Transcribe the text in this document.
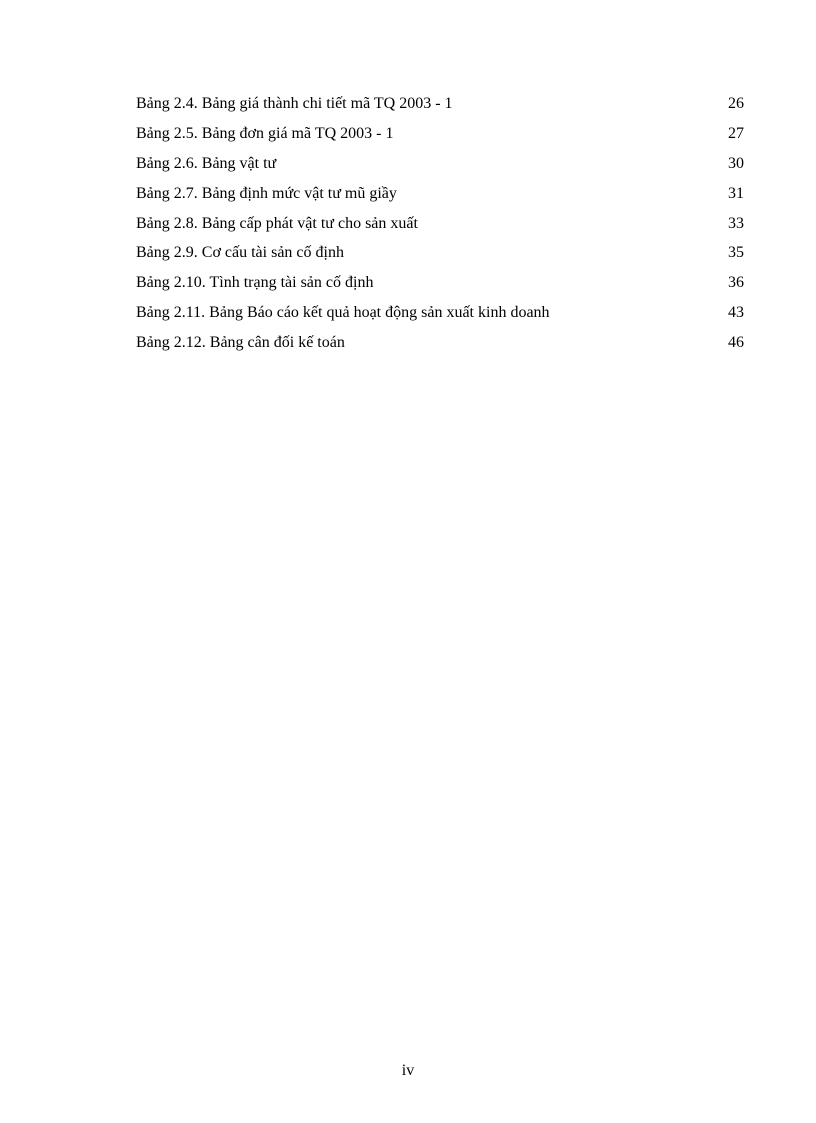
Bảng 2.4. Bảng giá thành chi tiết mã TQ 2003 - 1	26
Bảng 2.5. Bảng đơn giá mã TQ 2003 - 1	27
Bảng 2.6. Bảng vật tư	30
Bảng 2.7. Bảng định mức vật tư mũ giầy	31
Bảng 2.8. Bảng cấp phát vật tư cho sản xuất	33
Bảng 2.9. Cơ cấu tài sản cố định	35
Bảng 2.10. Tình trạng tài sản cố định	36
Bảng 2.11. Bảng Báo cáo kết quả hoạt động sản xuất kinh doanh	43
Bảng 2.12. Bảng cân đối kế toán	46
iv
